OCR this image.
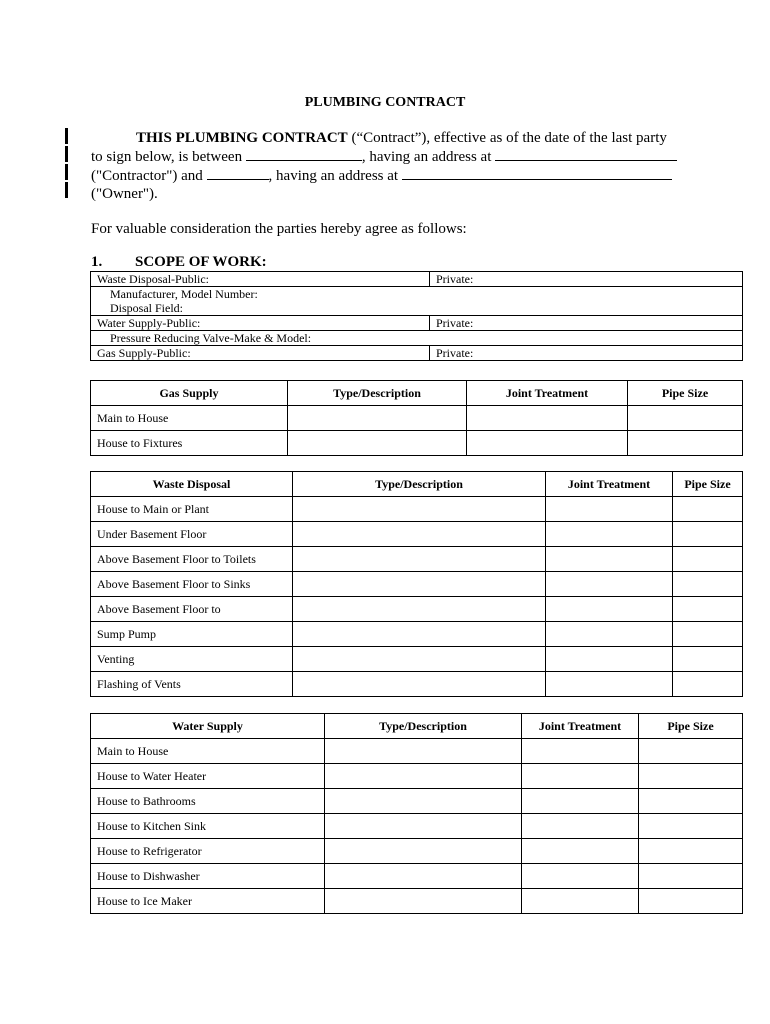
PLUMBING CONTRACT
THIS PLUMBING CONTRACT (“Contract”), effective as of the date of the last party
to sign below, is between	, having an address at
("Contractor") and	, having an address at
("Owner").
For valuable consideration the parties hereby agree as follows:
1. SCOPE OF WORK:
Waste Disposal-Public:	Private:
Manufacturer, Model Number:	
Disposal Field:	
Water Supply-Public:	Private:
Pressure Reducing Valve-Make & Model:	
Gas Supply-Public:	Private:
Gas Supply	Type/Description	Joint Treatment	Pipe Size
Main to House			
House to Fixtures			
Waste Disposal	Type/Description	Joint Treatment	Pipe Size
House to Main or Plant			
Under Basement Floor			
Above Basement Floor to Toilets			
Above Basement Floor to Sinks			
Above Basement Floor to			
Sump Pump			
Venting			
Flashing of Vents			
Water Supply	Type/Description	Joint Treatment	Pipe Size
Main to House			
House to Water Heater			
House to Bathrooms			
House to Kitchen Sink			
House to Refrigerator			
House to Dishwasher			
House to Ice Maker			
